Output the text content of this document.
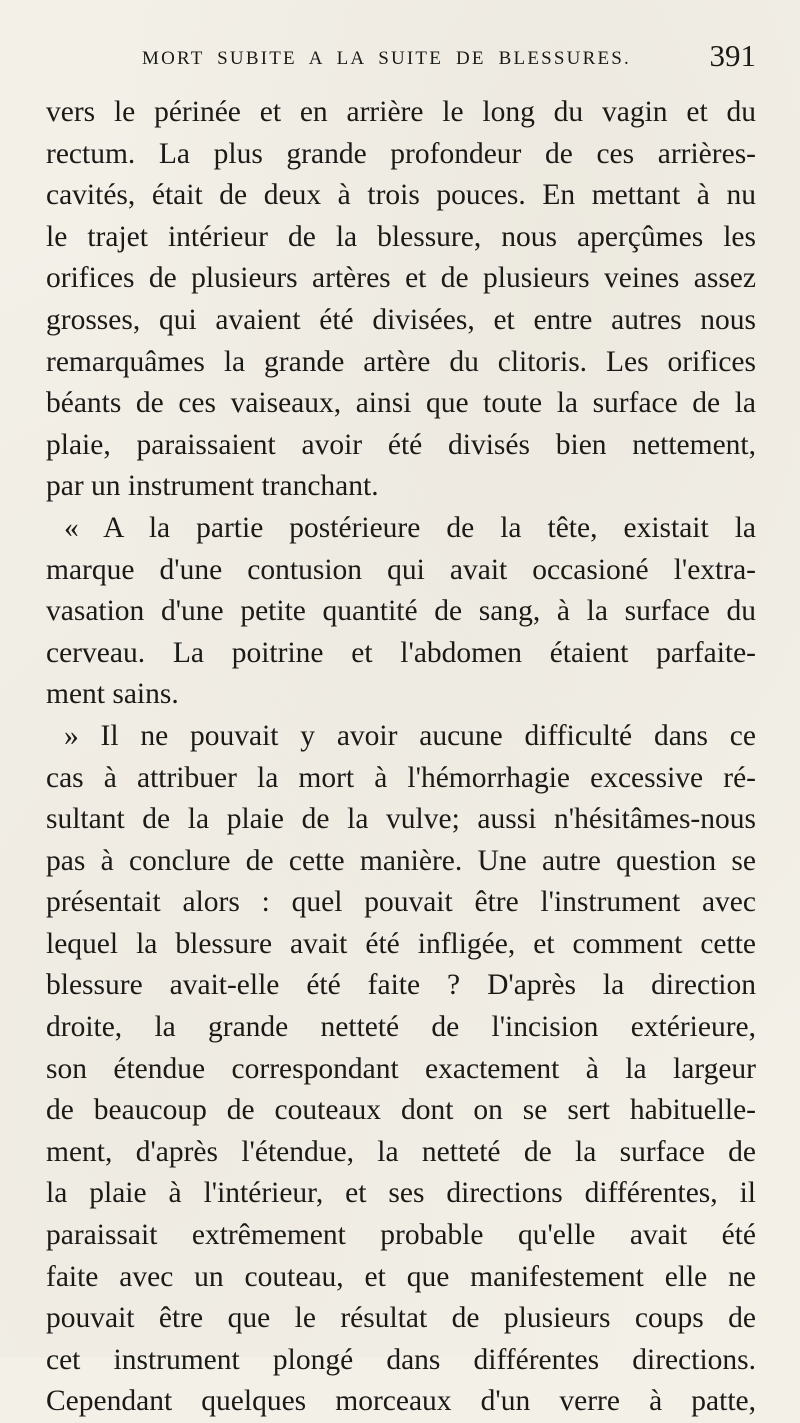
MORT SUBITE A LA SUITE DE BLESSURES.	391
vers le périnée et en arrière le long du vagin et du
rectum. La plus grande profondeur de ces arrières-
cavités, était de deux à trois pouces. En mettant à nu
le trajet intérieur de la blessure, nous aperçûmes les
orifices de plusieurs artères et de plusieurs veines assez
grosses, qui avaient été divisées, et entre autres nous
remarquâmes la grande artère du clitoris. Les orifices
béants de ces vaiseaux, ainsi que toute la surface de la
plaie, paraissaient avoir été divisés bien nettement,
par un instrument tranchant.
« A la partie postérieure de la tête, existait la
marque d'une contusion qui avait occasioné l'extra-
vasation d'une petite quantité de sang, à la surface du
cerveau. La poitrine et l'abdomen étaient parfaite-
ment sains.
» Il ne pouvait y avoir aucune difficulté dans ce
cas à attribuer la mort à l'hémorrhagie excessive ré-
sultant de la plaie de la vulve; aussi n'hésitâmes-nous
pas à conclure de cette manière. Une autre question se
présentait alors : quel pouvait être l'instrument avec
lequel la blessure avait été infligée, et comment cette
blessure avait-elle été faite ? D'après la direction
droite, la grande netteté de l'incision extérieure,
son étendue correspondant exactement à la largeur
de beaucoup de couteaux dont on se sert habituelle-
ment, d'après l'étendue, la netteté de la surface de
la plaie à l'intérieur, et ses directions différentes, il
paraissait extrêmement probable qu'elle avait été
faite avec un couteau, et que manifestement elle ne
pouvait être que le résultat de plusieurs coups de
cet instrument plongé dans différentes directions.
Cependant quelques morceaux d'un verre à patte,
